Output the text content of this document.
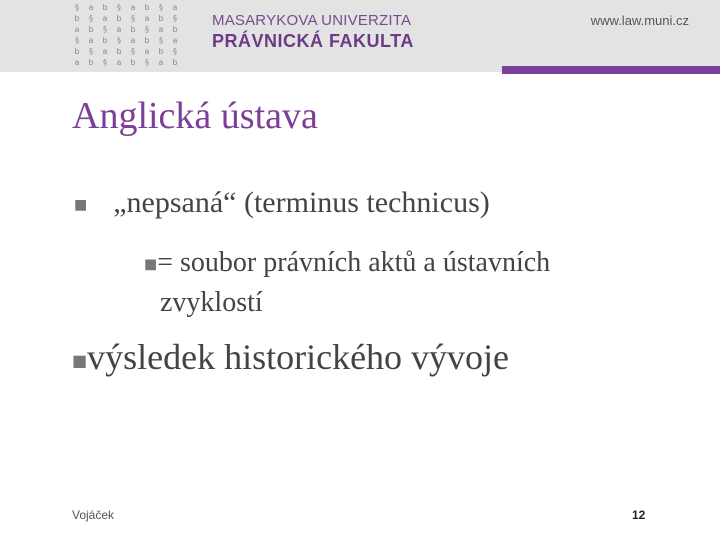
§	a	b	§	a	b	§	a
b	§	a	b	§	a	b	§
a	b	§	a	b	§	a	b
§	a	b	§	a	b	§	a
b	§	a	b	§	a	b	§
a	b	§	a	b	§	a	b
MASARYKOVA UNIVERZITA
PRÁVNICKÁ FAKULTA
www.law.muni.cz
Anglická ústava
■ „nepsaná“ (terminus technicus)
■= soubor právních aktů a ústavních
zvyklostí
■výsledek historického vývoje
Vojáček	12
